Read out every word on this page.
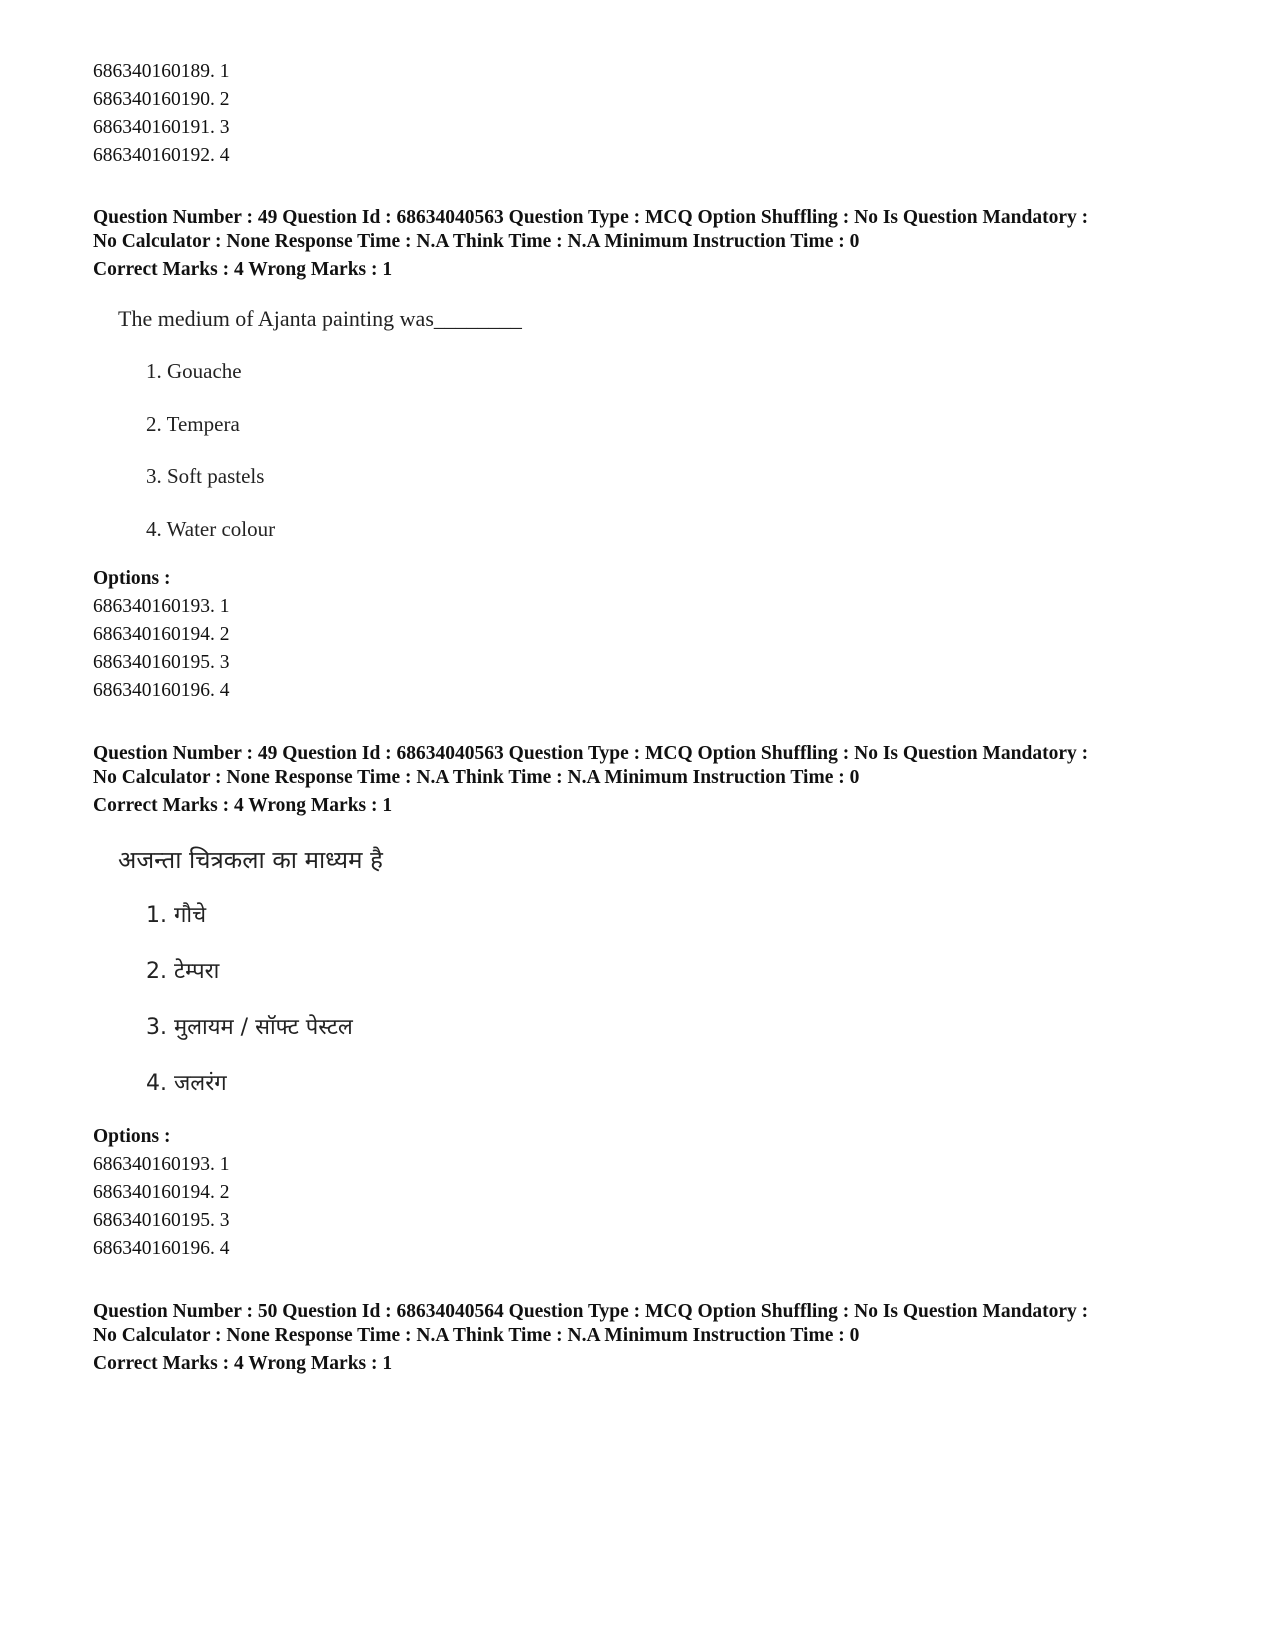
686340160189. 1
686340160190. 2
686340160191. 3
686340160192. 4
Question Number : 49 Question Id : 68634040563 Question Type : MCQ Option Shuffling : No Is Question Mandatory :
No Calculator : None Response Time : N.A Think Time : N.A Minimum Instruction Time : 0
Correct Marks : 4 Wrong Marks : 1
The medium of Ajanta painting was________
1. Gouache
2. Tempera
3. Soft pastels
4. Water colour
Options :
686340160193. 1
686340160194. 2
686340160195. 3
686340160196. 4
Question Number : 49 Question Id : 68634040563 Question Type : MCQ Option Shuffling : No Is Question Mandatory :
No Calculator : None Response Time : N.A Think Time : N.A Minimum Instruction Time : 0
Correct Marks : 4 Wrong Marks : 1
अजन्ता चित्रकला का माध्यम है
1. गौचे
2. टेम्परा
3. मुलायम / सॉफ्ट पेस्टल
4. जलरंग
Options :
686340160193. 1
686340160194. 2
686340160195. 3
686340160196. 4
Question Number : 50 Question Id : 68634040564 Question Type : MCQ Option Shuffling : No Is Question Mandatory :
No Calculator : None Response Time : N.A Think Time : N.A Minimum Instruction Time : 0
Correct Marks : 4 Wrong Marks : 1
